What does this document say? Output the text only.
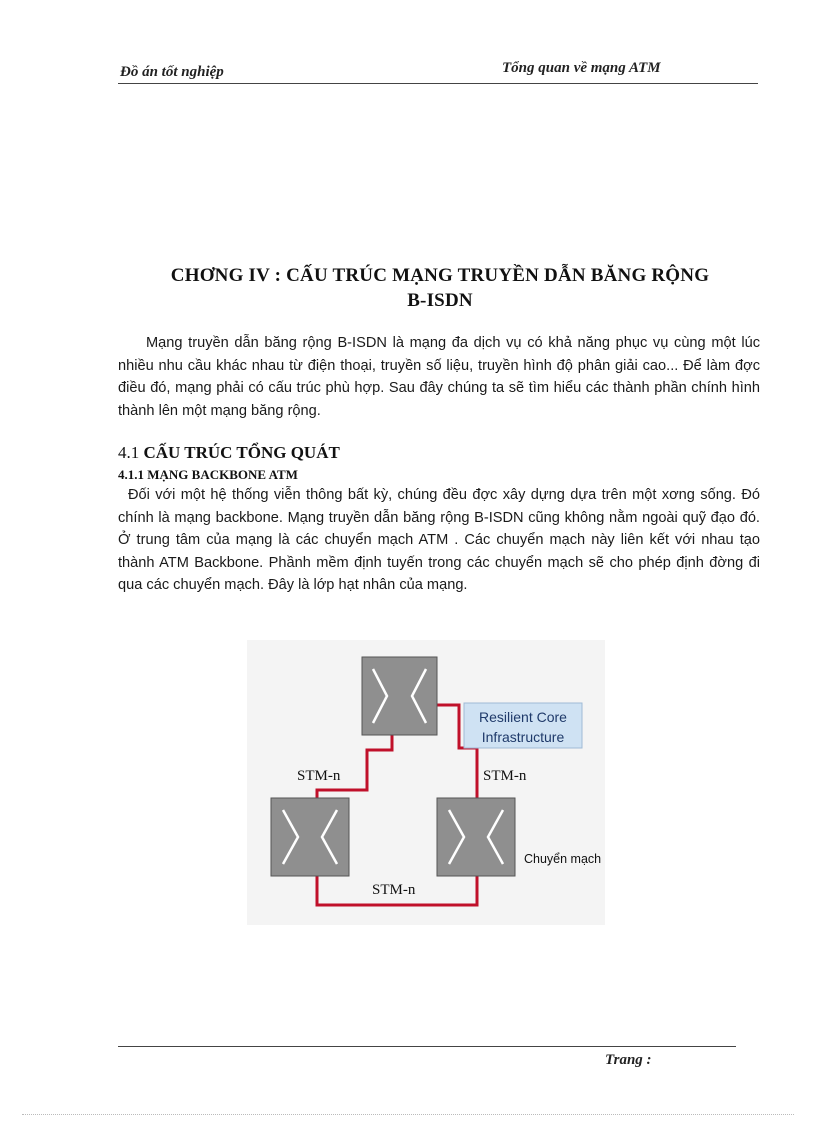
Đồ án tốt nghiệp	Tổng quan về mạng ATM
CHƠNG IV : CẤU TRÚC MẠNG TRUYỀN DẪN BĂNG RỘNG
B-ISDN
Mạng truyền dẫn băng rộng B-ISDN là mạng đa dịch vụ có khả năng phục vụ cùng một lúc nhiều nhu cầu khác nhau từ điện thoại, truyền số liệu, truyền hình độ phân giải cao... Để làm đợc điều đó, mạng phải có cấu trúc phù hợp. Sau đây chúng ta sẽ tìm hiểu các thành phần chính hình thành lên một mạng băng rộng.
4.1 CẤU TRÚC TỔNG QUÁT
4.1.1 MẠNG BACKBONE ATM
Đối với một hệ thống viễn thông bất kỳ, chúng đều đợc xây dựng dựa trên một xơng sống. Đó chính là mạng backbone. Mạng truyền dẫn băng rộng B-ISDN cũng không nằm ngoài quỹ đạo đó. Ở trung tâm của mạng là các chuyển mạch ATM . Các chuyển mạch này liên kết với nhau tạo thành ATM Backbone. Phầnh mềm định tuyến trong các chuyển mạch sẽ cho phép định đờng đi qua các chuyển mạch. Đây là lớp hạt nhân của mạng.
Resilient Core
Infrastructure
STM-n	STM-n
STM-n
Chuyển mạch
Trang :
